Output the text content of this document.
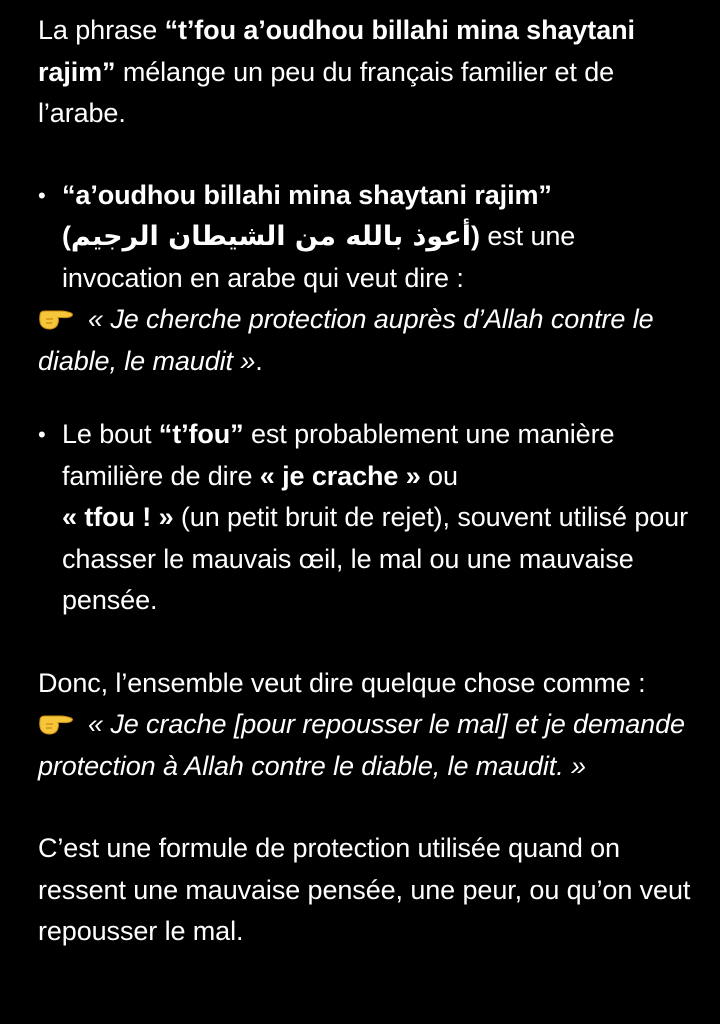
La phrase “t’fou a’oudhou billahi mina shaytani rajim” mélange un peu du français familier et de l’arabe.

• “a’oudhou billahi mina shaytani rajim”
(أعوذ بالله من الشيطان الرجيم) est une invocation en arabe qui veut dire :

« Je cherche protection auprès d’Allah contre le diable, le maudit ».

• Le bout “t’fou” est probablement une manière familière de dire « je crache » ou
« tfou ! » (un petit bruit de rejet), souvent utilisé pour chasser le mauvais œil, le mal ou une mauvaise pensée.

Donc, l’ensemble veut dire quelque chose comme :
« Je crache [pour repousser le mal] et je demande protection à Allah contre le diable, le maudit. »

C’est une formule de protection utilisée quand on ressent une mauvaise pensée, une peur, ou qu’on veut repousser le mal.
